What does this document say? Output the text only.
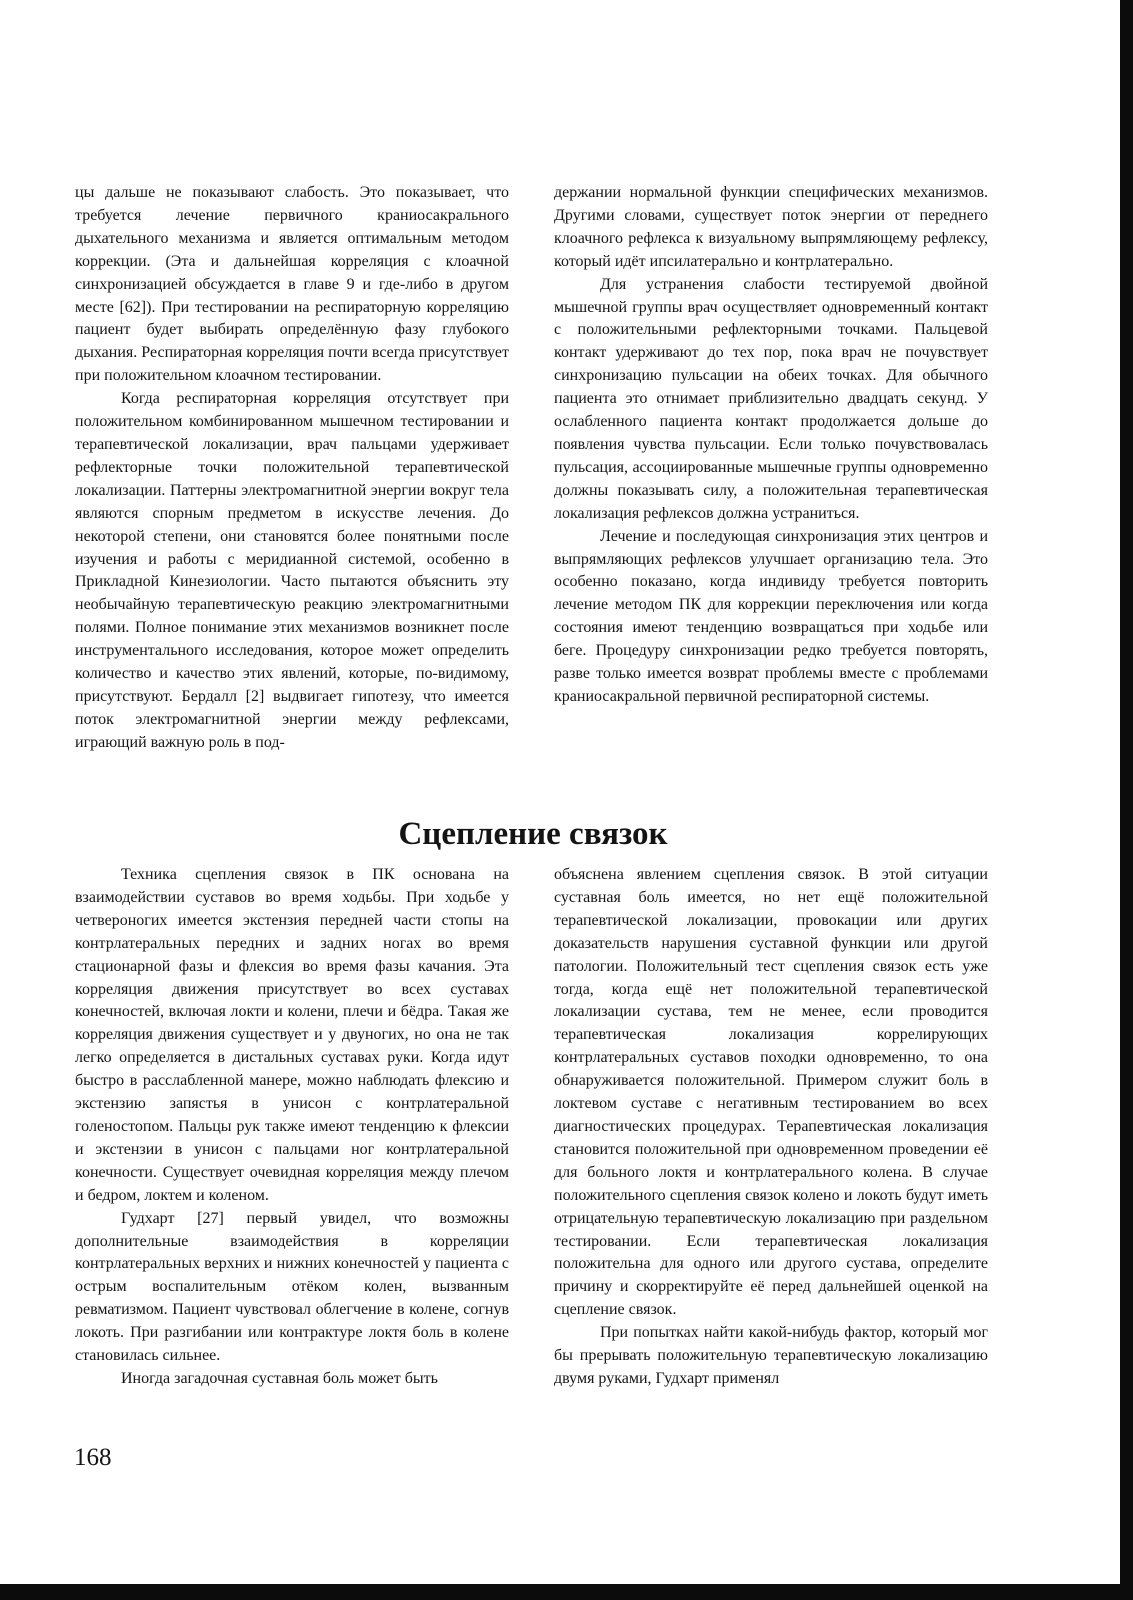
цы дальше не показывают слабость. Это показывает, что требуется лечение первичного краниосакрального дыхательного механизма и является оптимальным методом коррекции. (Эта и дальнейшая корреляция с клоачной синхронизацией обсуждается в главе 9 и где-либо в другом месте [62]). При тестировании на респираторную корреляцию пациент будет выбирать определённую фазу глубокого дыхания. Респираторная корреляция почти всегда присутствует при положительном клоачном тестировании.

Когда респираторная корреляция отсутствует при положительном комбинированном мышечном тестировании и терапевтической локализации, врач пальцами удерживает рефлекторные точки положительной терапевтической локализации. Паттерны электромагнитной энергии вокруг тела являются спорным предметом в искусстве лечения. До некоторой степени, они становятся более понятными после изучения и работы с меридианной системой, особенно в Прикладной Кинезиологии. Часто пытаются объяснить эту необычайную терапевтическую реакцию электромагнитными полями. Полное понимание этих механизмов возникнет после инструментального исследования, которое может определить количество и качество этих явлений, которые, по-видимому, присутствуют. Бердалл [2] выдвигает гипотезу, что имеется поток электромагнитной энергии между рефлексами, играющий важную роль в под-

держании нормальной функции специфических механизмов. Другими словами, существует поток энергии от переднего клоачного рефлекса к визуальному выпрямляющему рефлексу, который идёт ипсилатерально и контрлатерально.

Для устранения слабости тестируемой двойной мышечной группы врач осуществляет одновременный контакт с положительными рефлекторными точками. Пальцевой контакт удерживают до тех пор, пока врач не почувствует синхронизацию пульсации на обеих точках. Для обычного пациента это отнимает приблизительно двадцать секунд. У ослабленного пациента контакт продолжается дольше до появления чувства пульсации. Если только почувствовалась пульсация, ассоциированные мышечные группы одновременно должны показывать силу, а положительная терапевтическая локализация рефлексов должна устраниться.

Лечение и последующая синхронизация этих центров и выпрямляющих рефлексов улучшает организацию тела. Это особенно показано, когда индивиду требуется повторить лечение методом ПК для коррекции переключения или когда состояния имеют тенденцию возвращаться при ходьбе или беге. Процедуру синхронизации редко требуется повторять, разве только имеется возврат проблемы вместе с проблемами краниосакральной первичной респираторной системы.

Сцепление связок

Техника сцепления связок в ПК основана на взаимодействии суставов во время ходьбы. При ходьбе у четвероногих имеется экстензия передней части стопы на контрлатеральных передних и задних ногах во время стационарной фазы и флексия во время фазы качания. Эта корреляция движения присутствует во всех суставах конечностей, включая локти и колени, плечи и бёдра. Такая же корреляция движения существует и у двуногих, но она не так легко определяется в дистальных суставах руки. Когда идут быстро в расслабленной манере, можно наблюдать флексию и экстензию запястья в унисон с контрлатеральной голеностопом. Пальцы рук также имеют тенденцию к флексии и экстензии в унисон с пальцами ног контрлатеральной конечности. Существует очевидная корреляция между плечом и бедром, локтем и коленом.

Гудхарт [27] первый увидел, что возможны дополнительные взаимодействия в корреляции контрлатеральных верхних и нижних конечностей у пациента с острым воспалительным отёком колен, вызванным ревматизмом. Пациент чувствовал облегчение в колене, согнув локоть. При разгибании или контрактуре локтя боль в колене становилась сильнее.

Иногда загадочная суставная боль может быть

объяснена явлением сцепления связок. В этой ситуации суставная боль имеется, но нет ещё положительной терапевтической локализации, провокации или других доказательств нарушения суставной функции или другой патологии. Положительный тест сцепления связок есть уже тогда, когда ещё нет положительной терапевтической локализации сустава, тем не менее, если проводится терапевтическая локализация коррелирующих контрлатеральных суставов походки одновременно, то она обнаруживается положительной. Примером служит боль в локтевом суставе с негативным тестированием во всех диагностических процедурах. Терапевтическая локализация становится положительной при одновременном проведении её для больного локтя и контрлатерального колена. В случае положительного сцепления связок колено и локоть будут иметь отрицательную терапевтическую локализацию при раздельном тестировании. Если терапевтическая локализация положительна для одного или другого сустава, определите причину и скорректируйте её перед дальнейшей оценкой на сцепление связок.

При попытках найти какой-нибудь фактор, который мог бы прерывать положительную терапевтическую локализацию двумя руками, Гудхарт применял

168
